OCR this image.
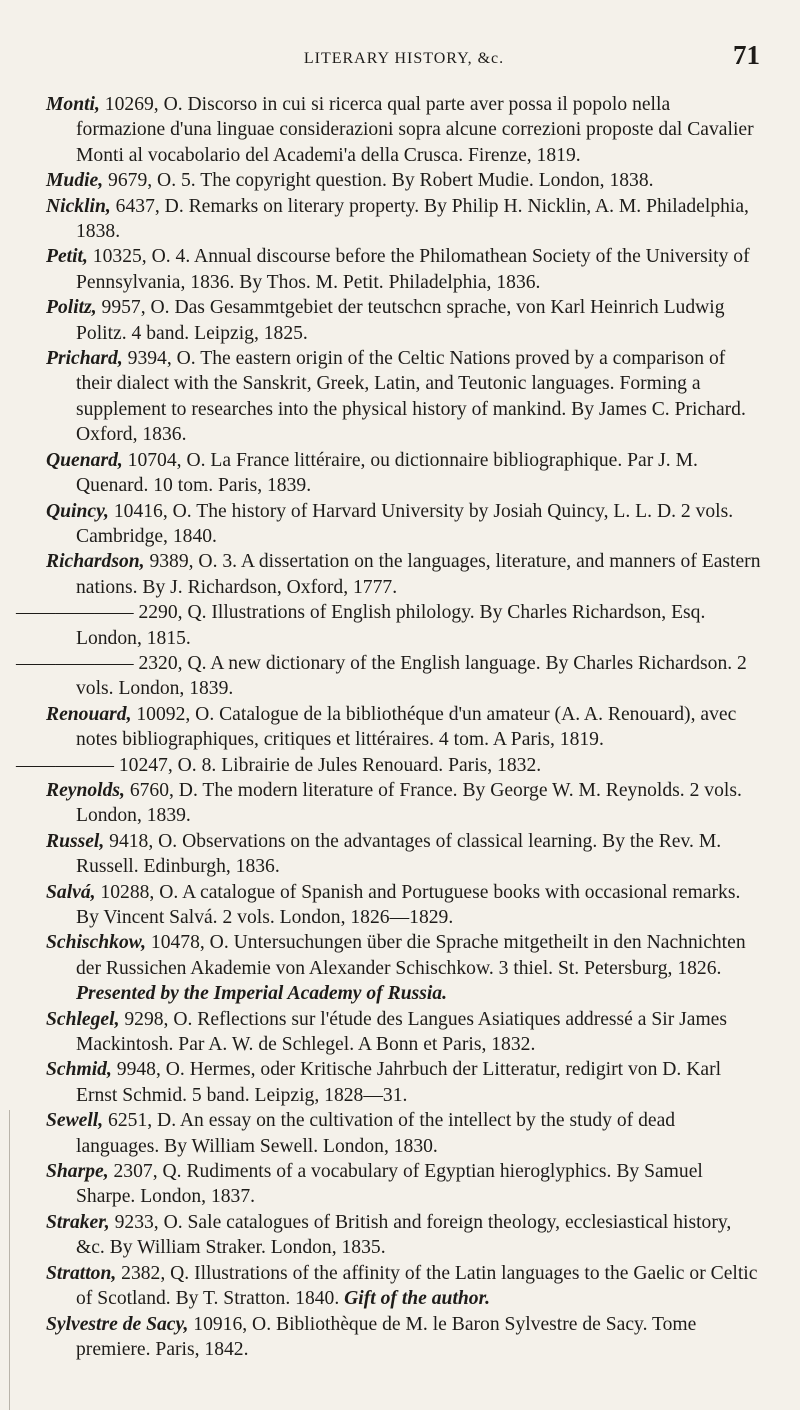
LITERARY HISTORY, &c.	71

Monti, 10269, O. Discorso in cui si ricerca qual parte aver possa il popolo nella formazione d'una linguae considerazioni sopra alcune correzioni proposte dal Cavalier Monti al vocabolario del Academi'a della Crusca. Firenze, 1819.

Mudie, 9679, O. 5. The copyright question. By Robert Mudie. London, 1838.

Nicklin, 6437, D. Remarks on literary property. By Philip H. Nicklin, A. M. Philadelphia, 1838.

Petit, 10325, O. 4. Annual discourse before the Philomathean Society of the University of Pennsylvania, 1836. By Thos. M. Petit. Philadelphia, 1836.

Politz, 9957, O. Das Gesammtgebiet der teutschcn sprache, von Karl Heinrich Ludwig Politz. 4 band. Leipzig, 1825.

Prichard, 9394, O. The eastern origin of the Celtic Nations proved by a comparison of their dialect with the Sanskrit, Greek, Latin, and Teutonic languages. Forming a supplement to researches into the physical history of mankind. By James C. Prichard. Oxford, 1836.

Quenard, 10704, O. La France littéraire, ou dictionnaire bibliographique. Par J. M. Quenard. 10 tom. Paris, 1839.

Quincy, 10416, O. The history of Harvard University by Josiah Quincy, L. L. D. 2 vols. Cambridge, 1840.

Richardson, 9389, O. 3. A dissertation on the languages, literature, and manners of Eastern nations. By J. Richardson, Oxford, 1777.

—————— 2290, Q. Illustrations of English philology. By Charles Richardson, Esq. London, 1815.

—————— 2320, Q. A new dictionary of the English language. By Charles Richardson. 2 vols. London, 1839.

Renouard, 10092, O. Catalogue de la bibliothéque d'un amateur (A. A. Renouard), avec notes bibliographiques, critiques et littéraires. 4 tom. A Paris, 1819.

————— 10247, O. 8. Librairie de Jules Renouard. Paris, 1832.

Reynolds, 6760, D. The modern literature of France. By George W. M. Reynolds. 2 vols. London, 1839.

Russel, 9418, O. Observations on the advantages of classical learning. By the Rev. M. Russell. Edinburgh, 1836.

Salvá, 10288, O. A catalogue of Spanish and Portuguese books with occasional remarks. By Vincent Salvá. 2 vols. London, 1826—1829.

Schischkow, 10478, O. Untersuchungen über die Sprache mitgetheilt in den Nachnichten der Russichen Akademie von Alexander Schischkow. 3 thiel. St. Petersburg, 1826. Presented by the Imperial Academy of Russia.

Schlegel, 9298, O. Reflections sur l'étude des Langues Asiatiques addressé a Sir James Mackintosh. Par A. W. de Schlegel. A Bonn et Paris, 1832.

Schmid, 9948, O. Hermes, oder Kritische Jahrbuch der Litteratur, redigirt von D. Karl Ernst Schmid. 5 band. Leipzig, 1828—31.

Sewell, 6251, D. An essay on the cultivation of the intellect by the study of dead languages. By William Sewell. London, 1830.

Sharpe, 2307, Q. Rudiments of a vocabulary of Egyptian hieroglyphics. By Samuel Sharpe. London, 1837.

Straker, 9233, O. Sale catalogues of British and foreign theology, ecclesiastical history, &c. By William Straker. London, 1835.

Stratton, 2382, Q. Illustrations of the affinity of the Latin languages to the Gaelic or Celtic of Scotland. By T. Stratton. 1840. Gift of the author.

Sylvestre de Sacy, 10916, O. Bibliothèque de M. le Baron Sylvestre de Sacy. Tome premiere. Paris, 1842.
